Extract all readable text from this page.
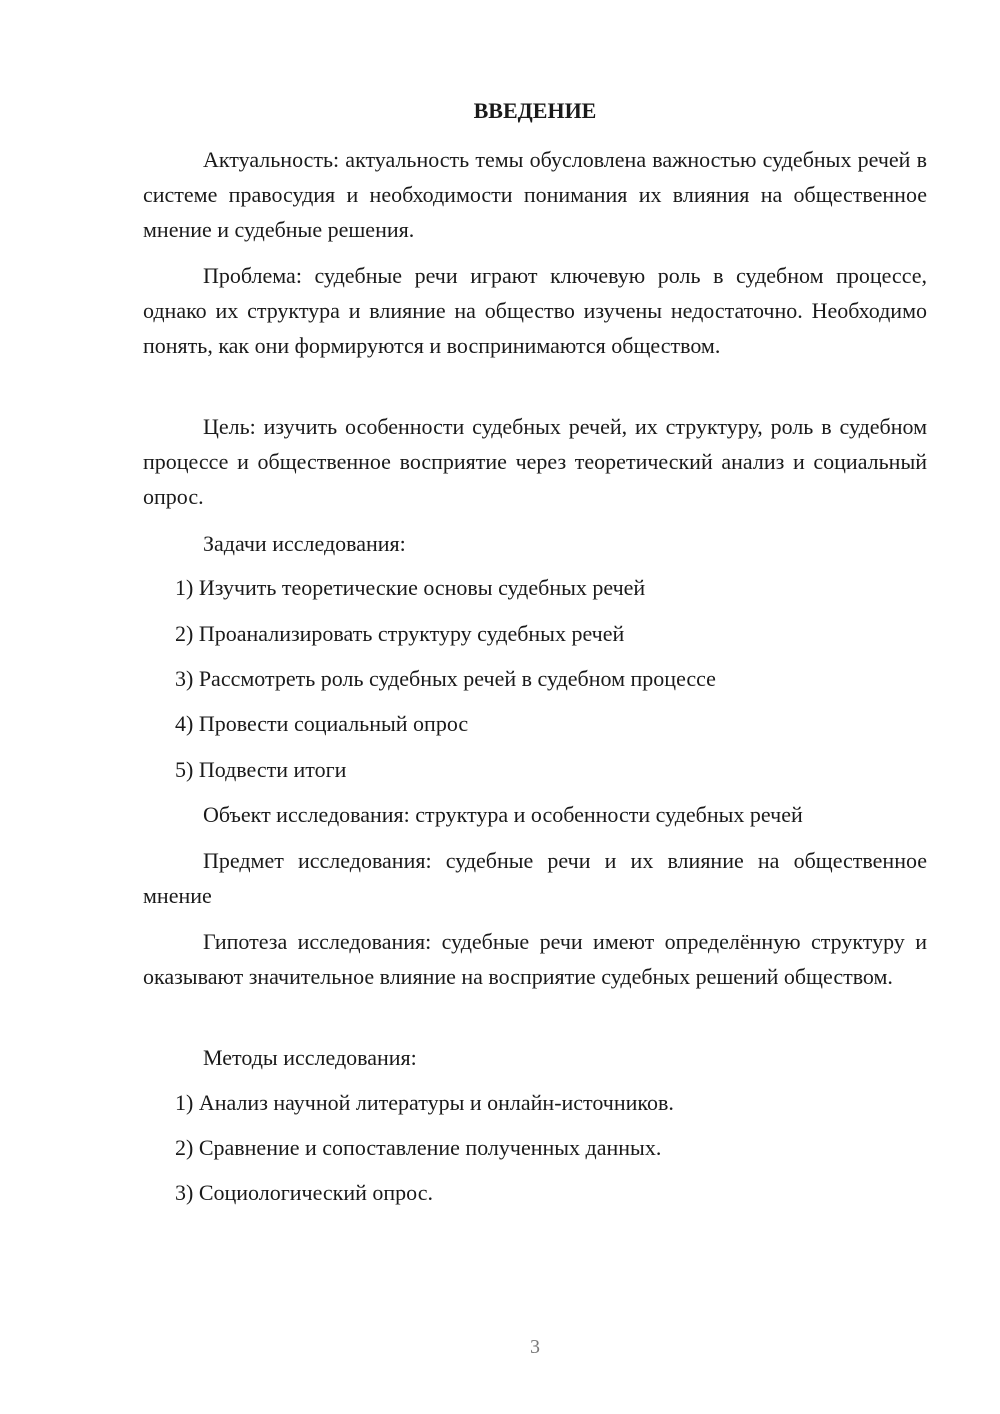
ВВЕДЕНИЕ

Актуальность: актуальность темы обусловлена важностью судебных речей в системе правосудия и необходимости понимания их влияния на общественное мнение и судебные решения.

Проблема: судебные речи играют ключевую роль в судебном процессе, однако их структура и влияние на общество изучены недостаточно. Необходимо понять, как они формируются и воспринимаются обществом.

Цель: изучить особенности судебных речей, их структуру, роль в судебном процессе и общественное восприятие через теоретический анализ и социальный опрос.

Задачи исследования:

1) Изучить теоретические основы судебных речей

2) Проанализировать структуру судебных речей

3) Рассмотреть роль судебных речей в судебном процессе

4) Провести социальный опрос

5) Подвести итоги

Объект исследования: структура и особенности судебных речей

Предмет исследования: судебные речи и их влияние на общественное мнение

Гипотеза исследования: судебные речи имеют определённую структуру и оказывают значительное влияние на восприятие судебных решений обществом.

Методы исследования:

1) Анализ научной литературы и онлайн-источников.

2) Сравнение и сопоставление полученных данных.

3) Социологический опрос.

3
